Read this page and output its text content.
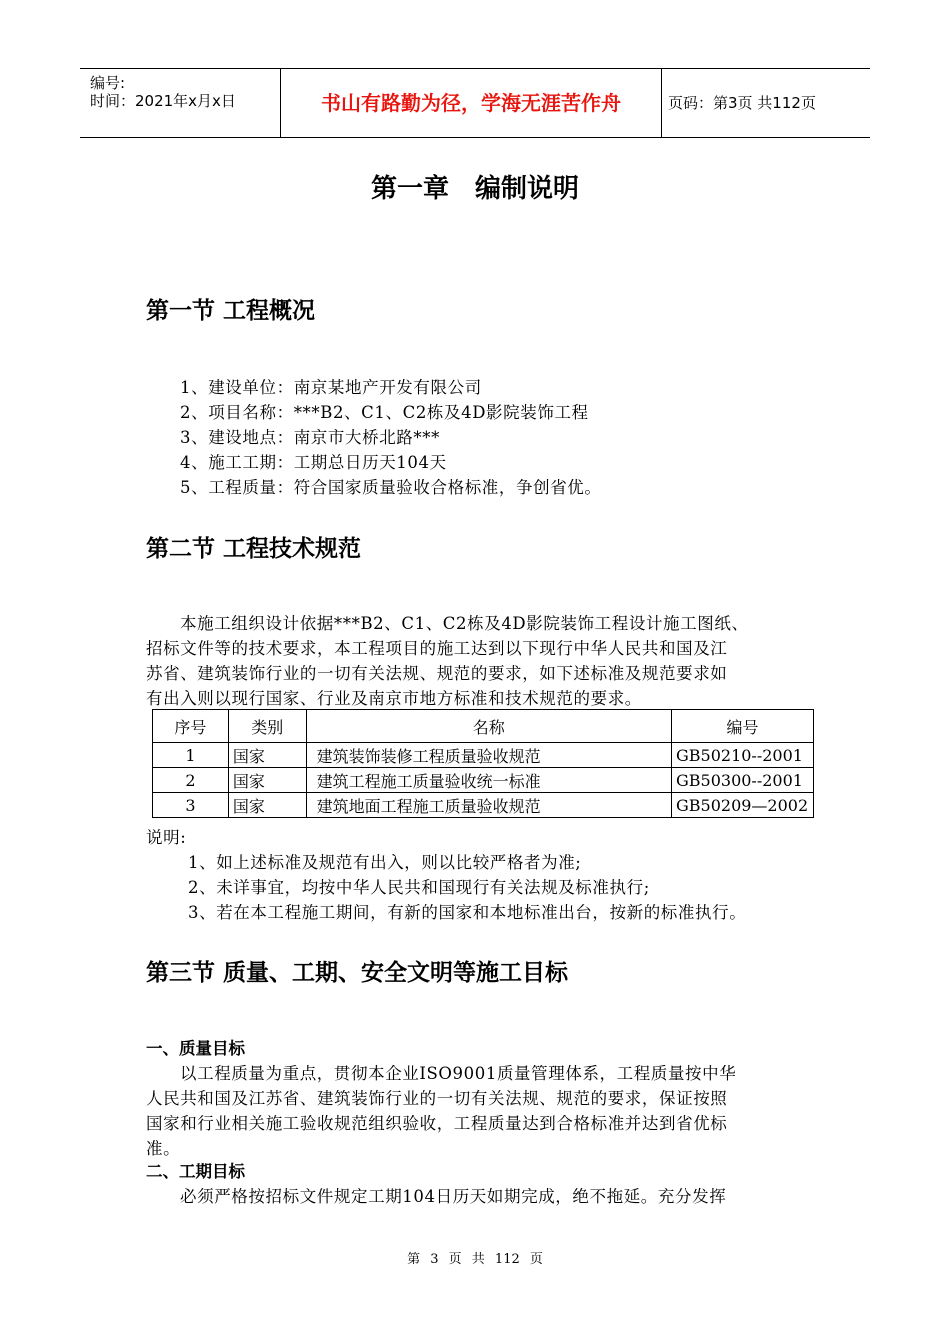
编号:
时间：2021年x月x日	书山有路勤为径，学海无涯苦作舟	页码：第3页 共112页
第一章　编制说明
第一节 工程概况
1、建设单位：南京某地产开发有限公司
2、项目名称：***B2、C1、C2栋及4D影院装饰工程
3、建设地点：南京市大桥北路***
4、施工工期：工期总日历天104天
5、工程质量：符合国家质量验收合格标准，争创省优。
第二节 工程技术规范
本施工组织设计依据***B2、C1、C2栋及4D影院装饰工程设计施工图纸、
招标文件等的技术要求，本工程项目的施工达到以下现行中华人民共和国及江
苏省、建筑装饰行业的一切有关法规、规范的要求，如下述标准及规范要求如
有出入则以现行国家、行业及南京市地方标准和技术规范的要求。
序号	类别	名称	编号
1	国家	建筑装饰装修工程质量验收规范	GB50210--2001
2	国家	建筑工程施工质量验收统一标准	GB50300--2001
3	国家	建筑地面工程施工质量验收规范	GB50209—2002
说明:
1、如上述标准及规范有出入，则以比较严格者为准;
2、未详事宜，均按中华人民共和国现行有关法规及标准执行;
3、若在本工程施工期间，有新的国家和本地标准出台，按新的标准执行。
第三节 质量、工期、安全文明等施工目标
一、质量目标
以工程质量为重点，贯彻本企业ISO9001质量管理体系，工程质量按中华
人民共和国及江苏省、建筑装饰行业的一切有关法规、规范的要求，保证按照
国家和行业相关施工验收规范组织验收，工程质量达到合格标准并达到省优标
准。
二、工期目标
必须严格按招标文件规定工期104日历天如期完成，绝不拖延。充分发挥
第 3 页 共 112 页
